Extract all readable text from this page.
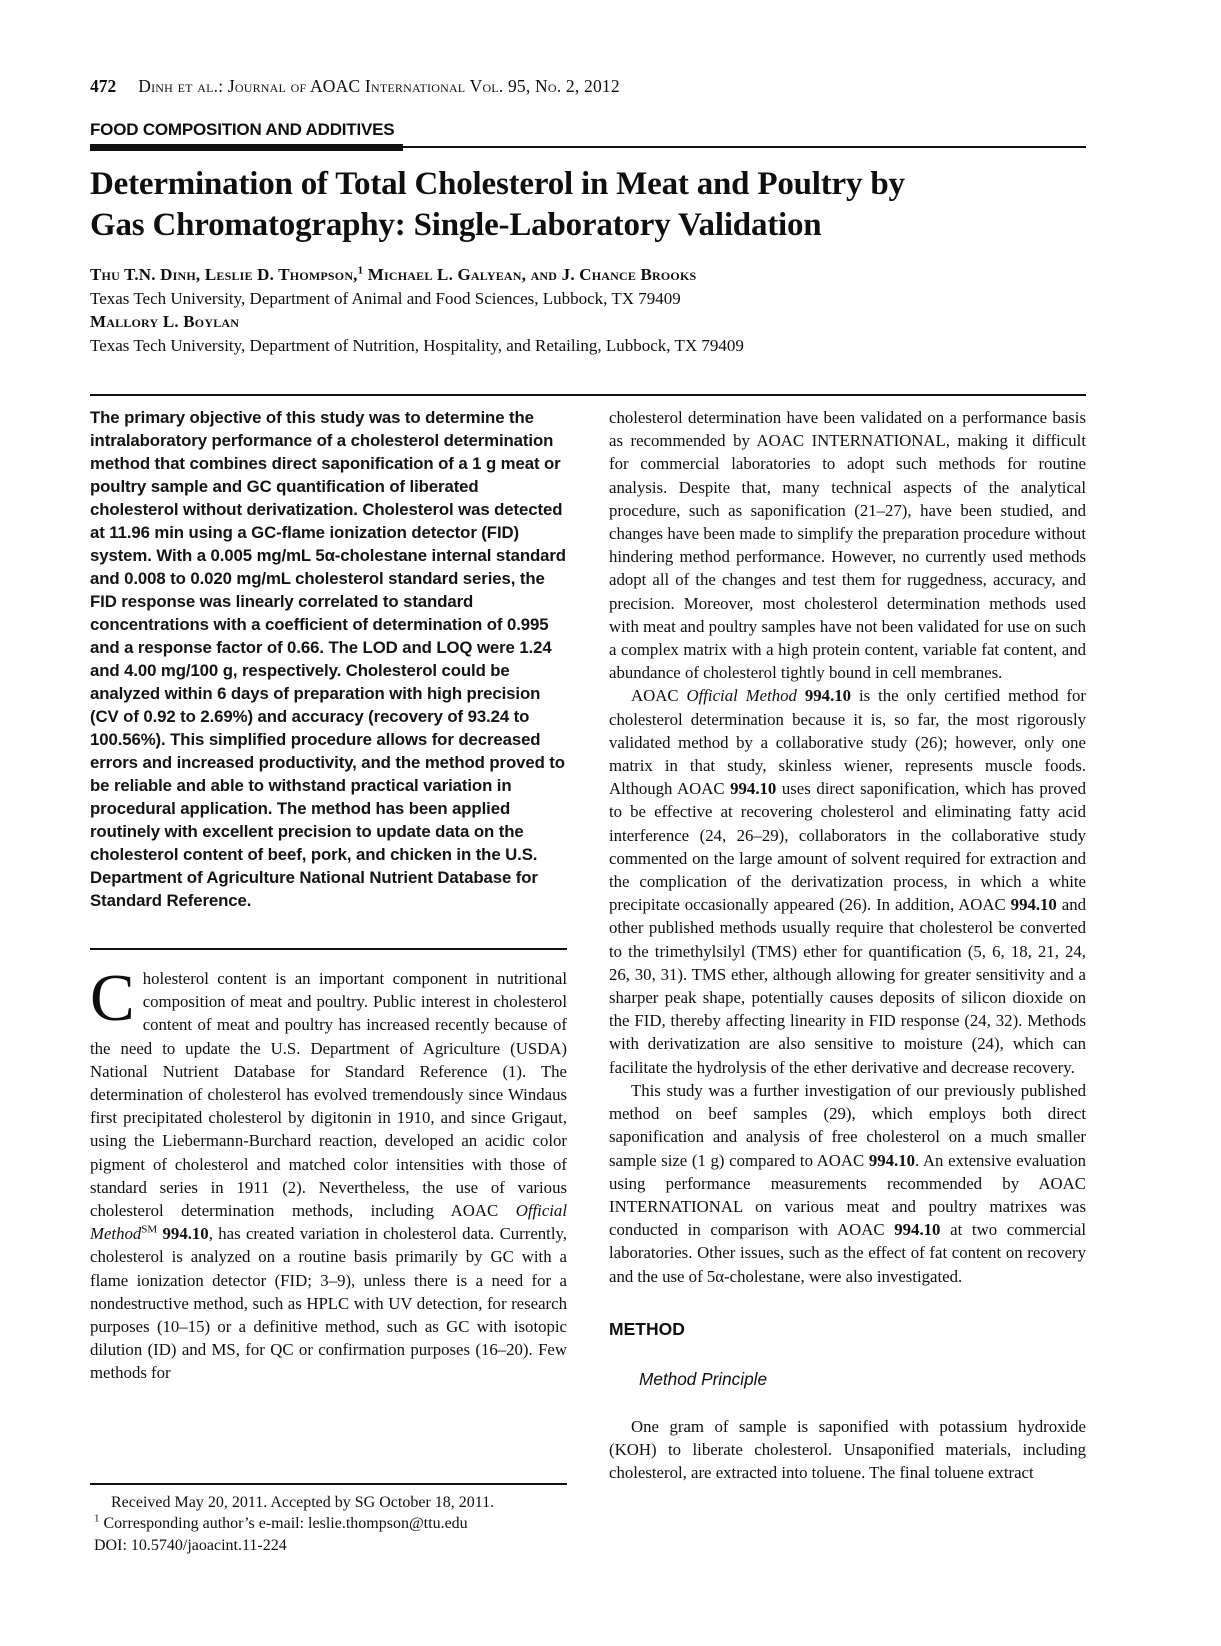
472 Dinh et al.: Journal of AOAC International Vol. 95, No. 2, 2012
FOOD COMPOSITION AND ADDITIVES
Determination of Total Cholesterol in Meat and Poultry by
Gas Chromatography: Single-Laboratory Validation
Thu T.N. Dinh, Leslie D. Thompson,$^1$ Michael L. Galyean, and J. Chance Brooks
Texas Tech University, Department of Animal and Food Sciences, Lubbock, TX 79409
Mallory L. Boylan
Texas Tech University, Department of Nutrition, Hospitality, and Retailing, Lubbock, TX 79409
The primary objective of this study was to determine the intralaboratory performance of a cholesterol determination method that combines direct saponification of a 1 g meat or poultry sample and GC quantification of liberated cholesterol without derivatization. Cholesterol was detected at 11.96 min using a GC-flame ionization detector (FID) system. With a 0.005 mg/mL 5α-cholestane internal standard and 0.008 to 0.020 mg/mL cholesterol standard series, the FID response was linearly correlated to standard concentrations with a coefficient of determination of 0.995 and a response factor of 0.66. The LOD and LOQ were 1.24 and 4.00 mg/100 g, respectively. Cholesterol could be analyzed within 6 days of preparation with high precision (CV of 0.92 to 2.69%) and accuracy (recovery of 93.24 to 100.56%). This simplified procedure allows for decreased errors and increased productivity, and the method proved to be reliable and able to withstand practical variation in procedural application. The method has been applied routinely with excellent precision to update data on the cholesterol content of beef, pork, and chicken in the U.S. Department of Agriculture National Nutrient Database for Standard Reference.
Cholesterol content is an important component in nutritional composition of meat and poultry. Public interest in cholesterol content of meat and poultry has increased recently because of the need to update the U.S. Department of Agriculture (USDA) National Nutrient Database for Standard Reference (1). The determination of cholesterol has evolved tremendously since Windaus first precipitated cholesterol by digitonin in 1910, and since Grigaut, using the Liebermann-Burchard reaction, developed an acidic color pigment of cholesterol and matched color intensities with those of standard series in 1911 (2). Nevertheless, the use of various cholesterol determination methods, including AOAC Official Method℠ 994.10, has created variation in cholesterol data. Currently, cholesterol is analyzed on a routine basis primarily by GC with a flame ionization detector (FID; 3–9), unless there is a need for a nondestructive method, such as HPLC with UV detection, for research purposes (10–15) or a definitive method, such as GC with isotopic dilution (ID) and MS, for QC or confirmation purposes (16–20). Few methods for
Received May 20, 2011. Accepted by SG October 18, 2011.
$^1$ Corresponding author’s e-mail: leslie.thompson@ttu.edu
DOI: 10.5740/jaoacint.11-224
cholesterol determination have been validated on a performance basis as recommended by AOAC INTERNATIONAL, making it difficult for commercial laboratories to adopt such methods for routine analysis. Despite that, many technical aspects of the analytical procedure, such as saponification (21–27), have been studied, and changes have been made to simplify the preparation procedure without hindering method performance. However, no currently used methods adopt all of the changes and test them for ruggedness, accuracy, and precision. Moreover, most cholesterol determination methods used with meat and poultry samples have not been validated for use on such a complex matrix with a high protein content, variable fat content, and abundance of cholesterol tightly bound in cell membranes.
AOAC Official Method 994.10 is the only certified method for cholesterol determination because it is, so far, the most rigorously validated method by a collaborative study (26); however, only one matrix in that study, skinless wiener, represents muscle foods. Although AOAC 994.10 uses direct saponification, which has proved to be effective at recovering cholesterol and eliminating fatty acid interference (24, 26–29), collaborators in the collaborative study commented on the large amount of solvent required for extraction and the complication of the derivatization process, in which a white precipitate occasionally appeared (26). In addition, AOAC 994.10 and other published methods usually require that cholesterol be converted to the trimethylsilyl (TMS) ether for quantification (5, 6, 18, 21, 24, 26, 30, 31). TMS ether, although allowing for greater sensitivity and a sharper peak shape, potentially causes deposits of silicon dioxide on the FID, thereby affecting linearity in FID response (24, 32). Methods with derivatization are also sensitive to moisture (24), which can facilitate the hydrolysis of the ether derivative and decrease recovery.
This study was a further investigation of our previously published method on beef samples (29), which employs both direct saponification and analysis of free cholesterol on a much smaller sample size (1 g) compared to AOAC 994.10. An extensive evaluation using performance measurements recommended by AOAC INTERNATIONAL on various meat and poultry matrixes was conducted in comparison with AOAC 994.10 at two commercial laboratories. Other issues, such as the effect of fat content on recovery and the use of 5α-cholestane, were also investigated.
METHOD
Method Principle
One gram of sample is saponified with potassium hydroxide (KOH) to liberate cholesterol. Unsaponified materials, including cholesterol, are extracted into toluene. The final toluene extract
